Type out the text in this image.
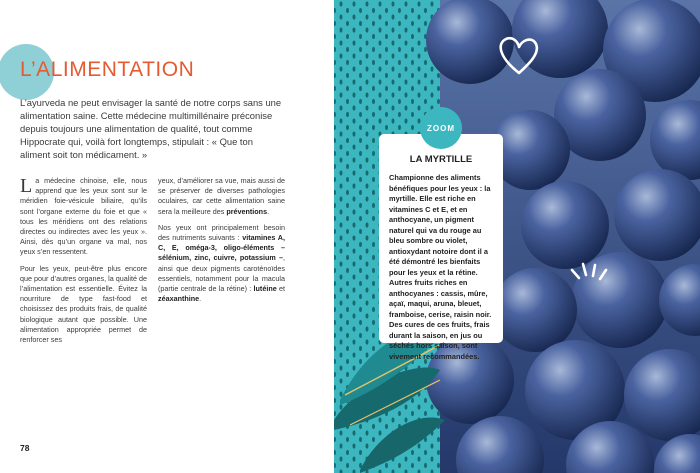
L’ALIMENTATION

L’ayurveda ne peut envisager la santé de notre corps sans une alimentation saine. Cette médecine multimillénaire préconise depuis toujours une alimentation de qualité, tout comme Hippocrate qui, voilà fort longtemps, stipulait : « Que ton aliment soit ton médicament. »

La médecine chinoise, elle, nous apprend que les yeux sont sur le méridien foie-vésicule biliaire, qu’ils sont l’organe externe du foie et que « tous les méridiens ont des relations directes ou indirectes avec les yeux ». Ainsi, dès qu’un organe va mal, nos yeux s’en ressentent.

Pour les yeux, peut-être plus encore que pour d’autres organes, la qualité de l’alimentation est essentielle. Évitez la nourriture de type fast-food et choisissez des produits frais, de qualité biologique autant que possible. Une alimentation appropriée permet de renforcer ses

yeux, d’améliorer sa vue, mais aussi de se préserver de diverses pathologies oculaires, car cette alimentation saine sera la meilleure des préventions.

Nos yeux ont principalement besoin des nutriments suivants : vitamines A, C, E, oméga-3, oligo-éléments – sélénium, zinc, cuivre, potassium –, ainsi que deux pigments caroténoïdes essentiels, notamment pour la macula (partie centrale de la rétine) : lutéine et zéaxanthine.

78

ZOOM
LA MYRTILLE

Championne des aliments bénéfiques pour les yeux : la myrtille. Elle est riche en vitamines C et E, et en anthocyane, un pigment naturel qui va du rouge au bleu sombre ou violet, antioxydant notoire dont il a été démontré les bienfaits pour les yeux et la rétine. Autres fruits riches en anthocyanes : cassis, mûre, açaï, maqui, aruna, bleuet, framboise, cerise, raisin noir. Des cures de ces fruits, frais durant la saison, en jus ou séchés hors saison, sont vivement recommandées.
